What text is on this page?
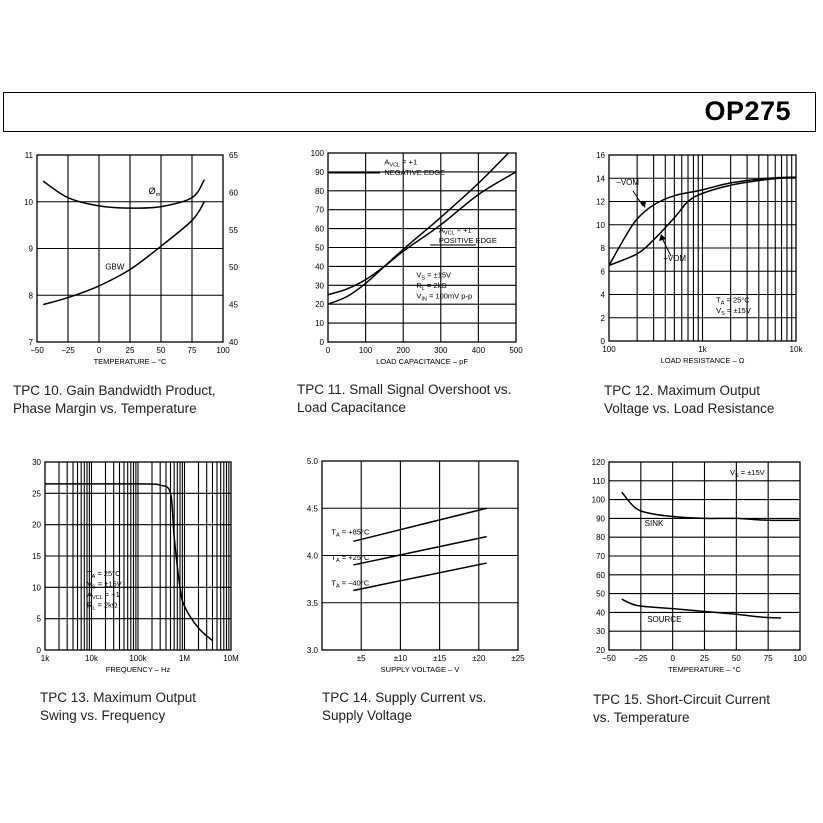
OP275
7
8
9
10
11
40
45
50
55
60
65
−50 −25	0	25	50	75 100
TEMPERATURE – °C
GBW
$Ø_m$
0
10
20
30
40
50
60
70
80
90
100
0	100	200	300	400	500
LOAD CAPACITANCE – pF
$A_{VCL} = +1$
NEGATIVE EDGE
$A_{VCL} = +1$
POSITIVE EDGE
$V_S = \pm 15V$
$R_L = 2k\Omega$
$V_{IN} = 100mV$ p-p
0
2
4
6
8
10
12
14
16
100	1k	10k
LOAD RESISTANCE – Ω
–VOM
+VOM
$T_A = 25^\circ C$
$V_S = \pm 15V$
0
5
10
15
20
25
30
1k	10k	100k	1M	10M
FREQUENCY – Hz
$T_A = 25^\circ C$
$V_S = \pm 15V$
$A_{VCL} = +1$
$R_L = 2k\Omega$
3.0
3.5
4.0
4.5
5.0
±5	±10	±15	±20	±25
SUPPLY VOLTAGE – V
$T_A = +85^\circ C$
$T_A = +25^\circ C$
$T_A = -40^\circ C$
20
30
40
50
60
70
80
90
100
110
120
−50 −25	0	25	50	75	100
TEMPERATURE – °C
$V_S = \pm 15V$
SINK
SOURCE
TPC 10. Gain Bandwidth Product,
Phase Margin vs. Temperature
TPC 11. Small Signal Overshoot vs.
Load Capacitance
TPC 12. Maximum Output
Voltage vs. Load Resistance
TPC 13. Maximum Output
Swing vs. Frequency
TPC 14. Supply Current vs.
Supply Voltage
TPC 15. Short-Circuit Current
vs. Temperature
